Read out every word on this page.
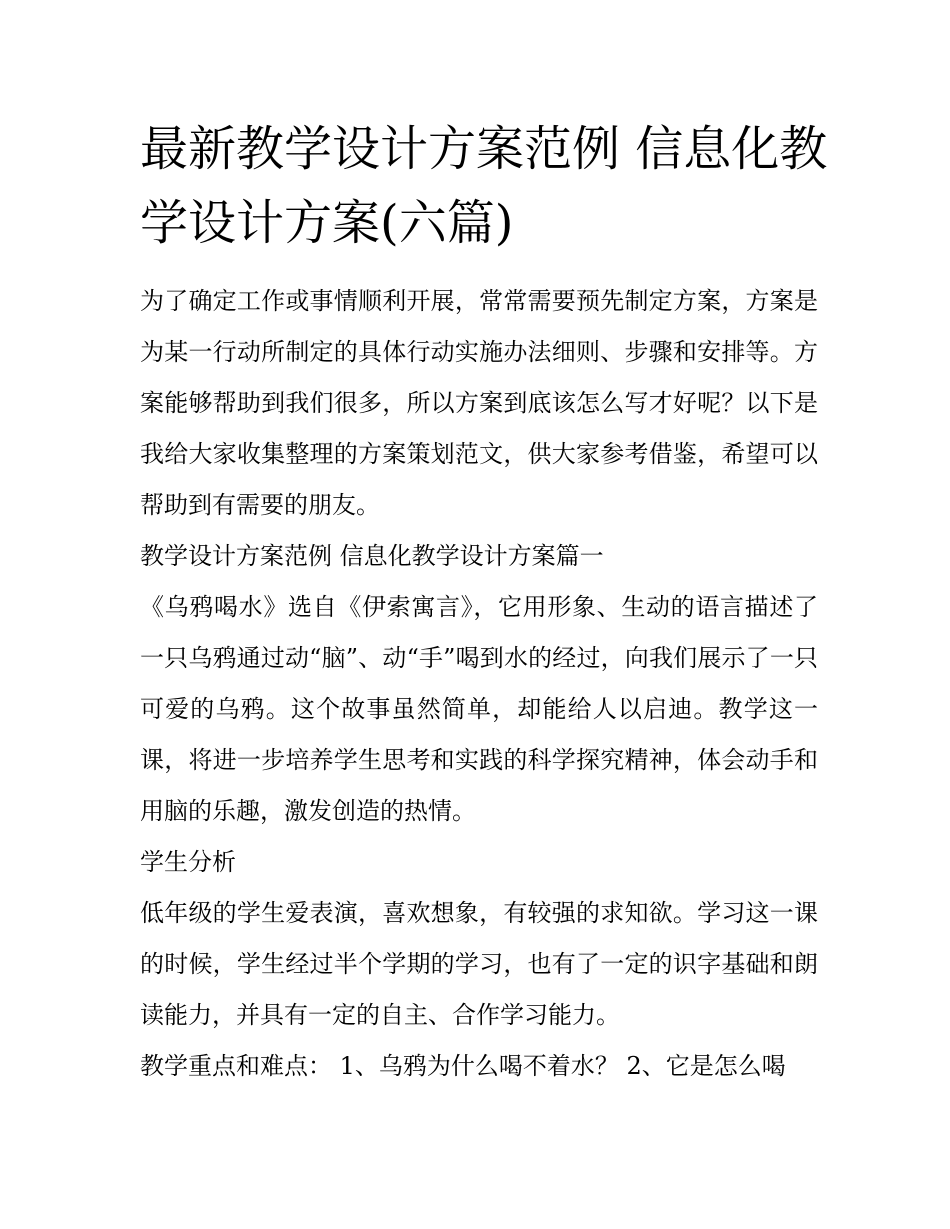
最新教学设计方案范例 信息化教学设计方案(六篇)

为了确定工作或事情顺利开展，常常需要预先制定方案，方案是为某一行动所制定的具体行动实施办法细则、步骤和安排等。方案能够帮助到我们很多，所以方案到底该怎么写才好呢？以下是我给大家收集整理的方案策划范文，供大家参考借鉴，希望可以帮助到有需要的朋友。

教学设计方案范例 信息化教学设计方案篇一

《乌鸦喝水》选自《伊索寓言》，它用形象、生动的语言描述了一只乌鸦通过动“脑”、动“手”喝到水的经过，向我们展示了一只可爱的乌鸦。这个故事虽然简单，却能给人以启迪。教学这一课，将进一步培养学生思考和实践的科学探究精神，体会动手和用脑的乐趣，激发创造的热情。

学生分析

低年级的学生爱表演，喜欢想象，有较强的求知欲。学习这一课的时候，学生经过半个学期的学习，也有了一定的识字基础和朗读能力，并具有一定的自主、合作学习能力。

教学重点和难点： 1、乌鸦为什么喝不着水？ 2、它是怎么喝
